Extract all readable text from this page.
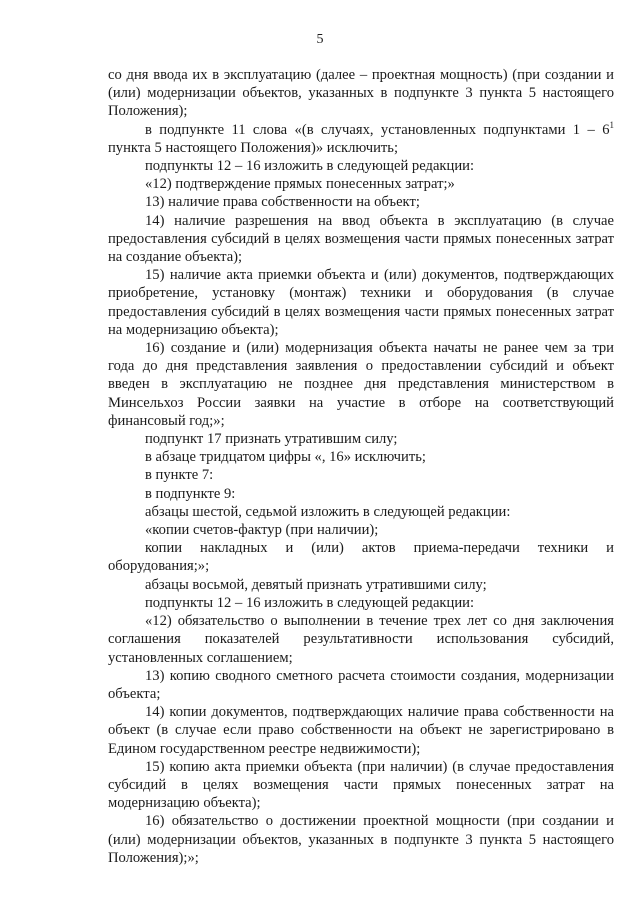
5

со дня ввода их в эксплуатацию (далее – проектная мощность) (при создании и (или) модернизации объектов, указанных в подпункте 3 пункта 5 настоящего Положения);

в подпункте 11 слова «(в случаях, установленных подпунктами $1 - 6^1$ пункта 5 настоящего Положения)» исключить;

подпункты 12 – 16 изложить в следующей редакции:

«12) подтверждение прямых понесенных затрат;»

13) наличие права собственности на объект;

14) наличие разрешения на ввод объекта в эксплуатацию (в случае предоставления субсидий в целях возмещения части прямых понесенных затрат на создание объекта);

15) наличие акта приемки объекта и (или) документов, подтверждающих приобретение, установку (монтаж) техники и оборудования (в случае предоставления субсидий в целях возмещения части прямых понесенных затрат на модернизацию объекта);

16) создание и (или) модернизация объекта начаты не ранее чем за три года до дня представления заявления о предоставлении субсидий и объект введен в эксплуатацию не позднее дня представления министерством в Минсельхоз России заявки на участие в отборе на соответствующий финансовый год;»;

подпункт 17 признать утратившим силу;

в абзаце тридцатом цифры «, 16» исключить;

в пункте 7:

в подпункте 9:

абзацы шестой, седьмой изложить в следующей редакции:

«копии счетов-фактур (при наличии);

копии накладных и (или) актов приема-передачи техники и оборудования;»;

абзацы восьмой, девятый признать утратившими силу;

подпункты 12 – 16 изложить в следующей редакции:

«12) обязательство о выполнении в течение трех лет со дня заключения соглашения показателей результативности использования субсидий, установленных соглашением;

13) копию сводного сметного расчета стоимости создания, модернизации объекта;

14) копии документов, подтверждающих наличие права собственности на объект (в случае если право собственности на объект не зарегистрировано в Едином государственном реестре недвижимости);

15) копию акта приемки объекта (при наличии) (в случае предоставления субсидий в целях возмещения части прямых понесенных затрат на модернизацию объекта);

16) обязательство о достижении проектной мощности (при создании и (или) модернизации объектов, указанных в подпункте 3 пункта 5 настоящего Положения);»;
